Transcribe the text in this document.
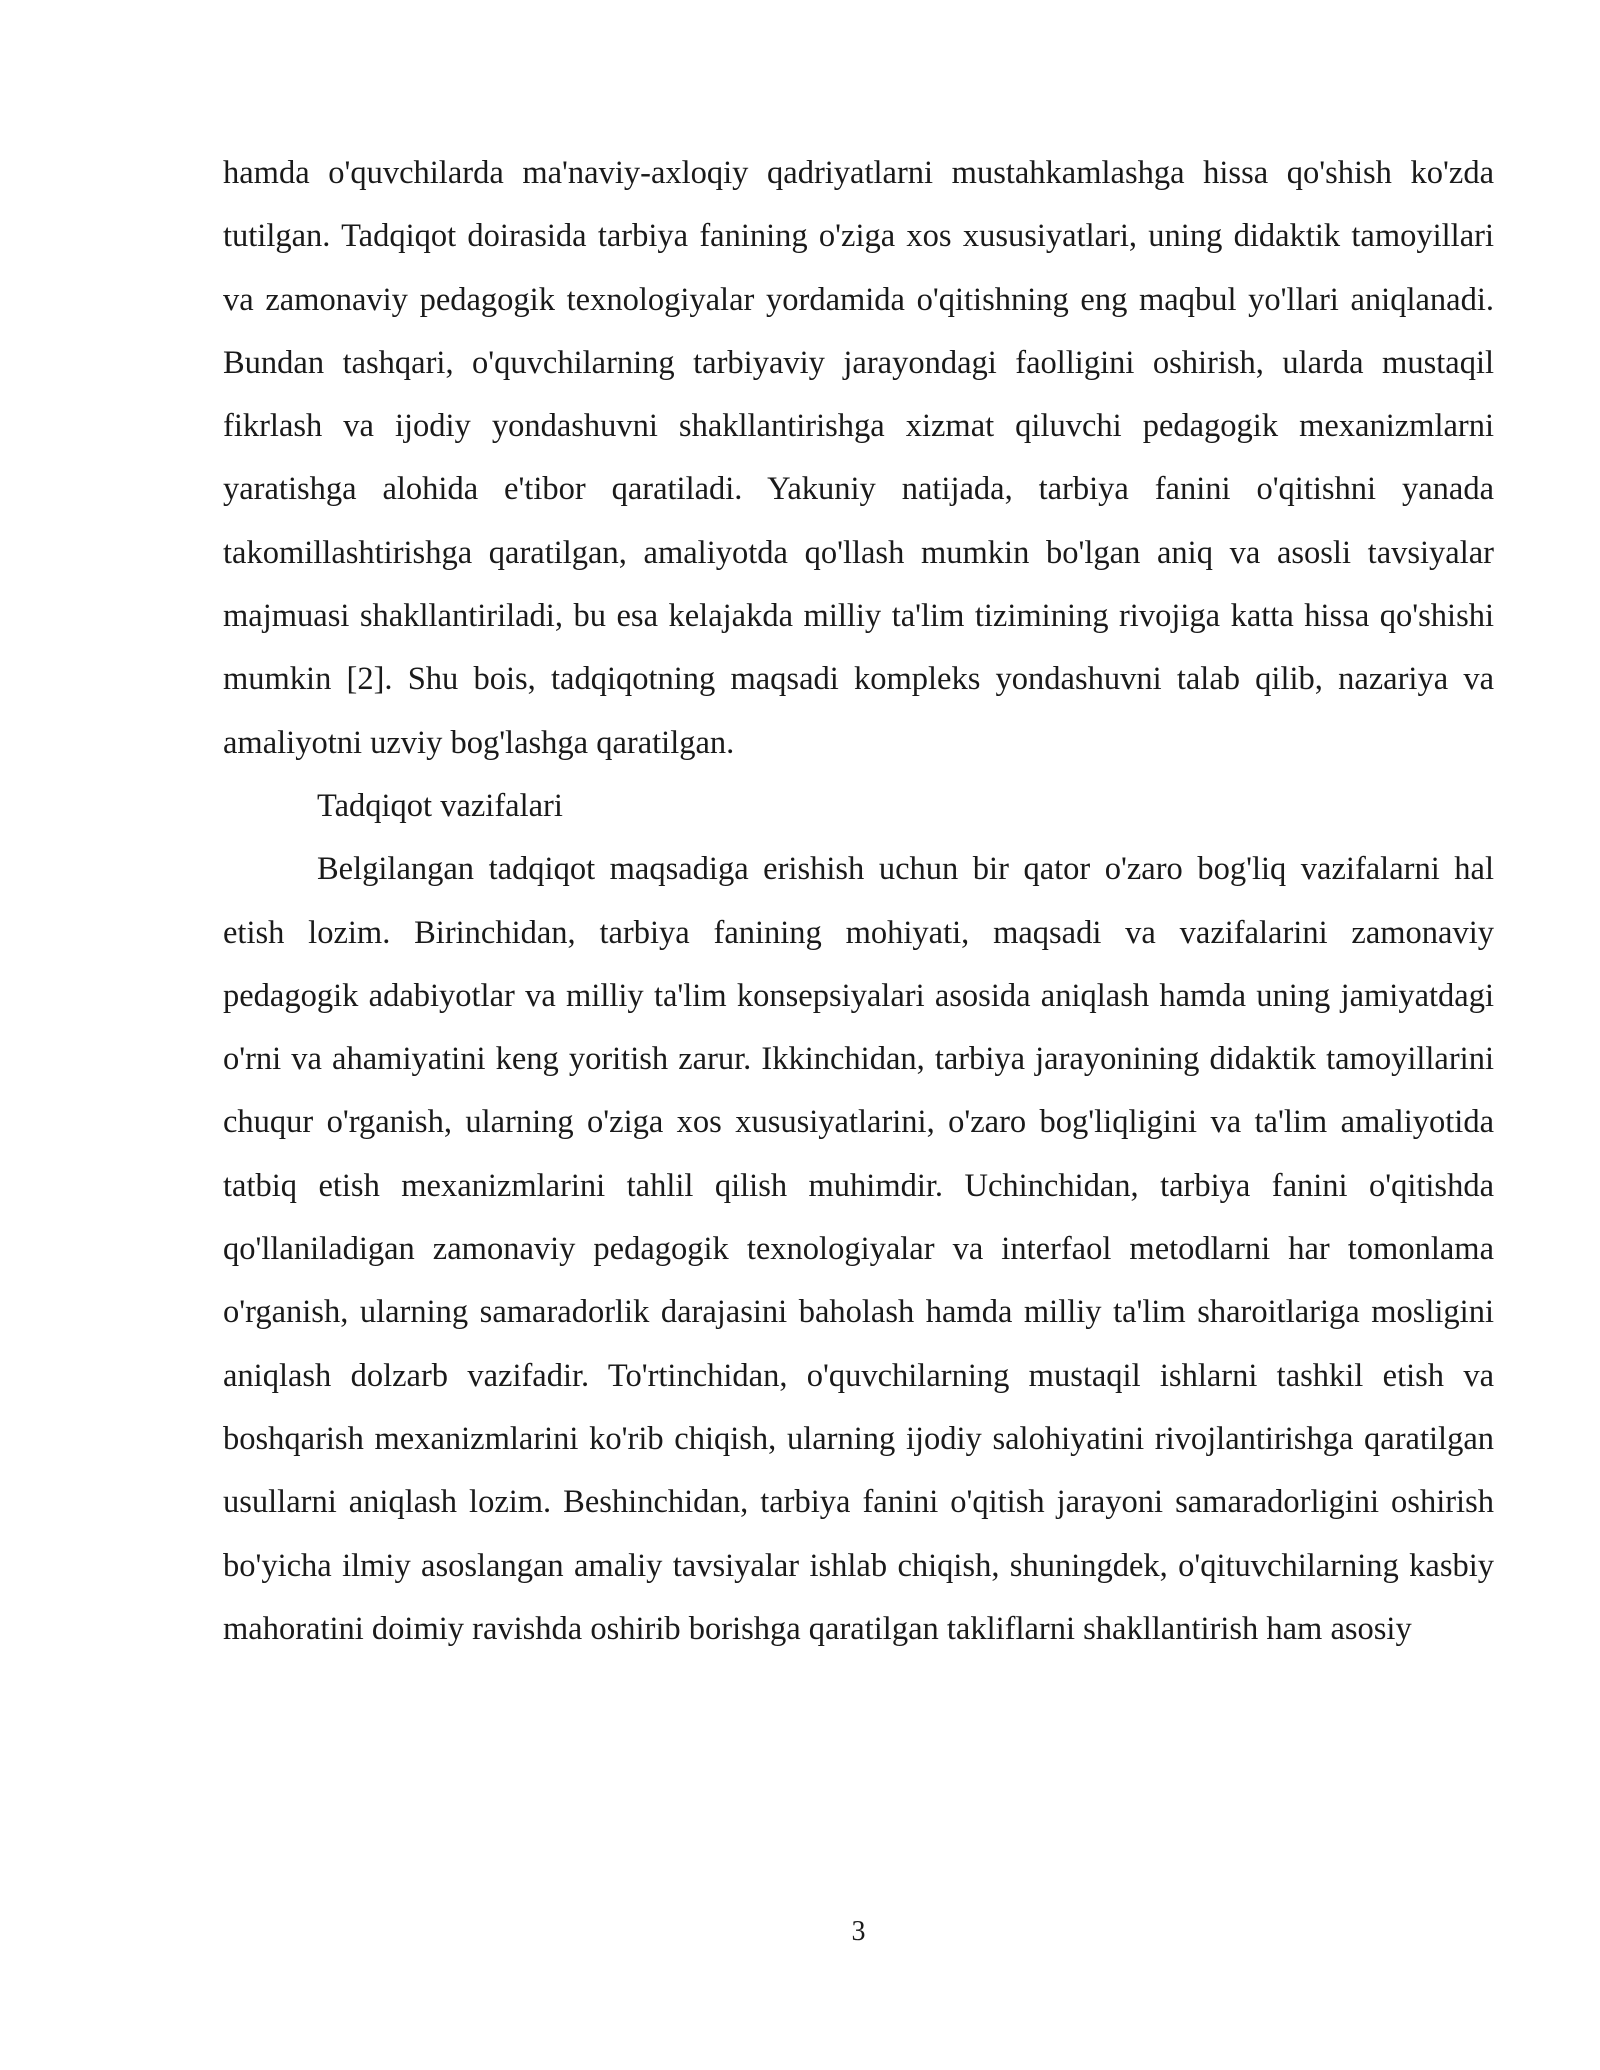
hamda o'quvchilarda ma'naviy-axloqiy qadriyatlarni mustahkamlashga hissa qo'shish ko'zda tutilgan. Tadqiqot doirasida tarbiya fanining o'ziga xos xususiyatlari, uning didaktik tamoyillari va zamonaviy pedagogik texnologiyalar yordamida o'qitishning eng maqbul yo'llari aniqlanadi. Bundan tashqari, o'quvchilarning tarbiyaviy jarayondagi faolligini oshirish, ularda mustaqil fikrlash va ijodiy yondashuvni shakllantirishga xizmat qiluvchi pedagogik mexanizmlarni yaratishga alohida e'tibor qaratiladi. Yakuniy natijada, tarbiya fanini o'qitishni yanada takomillashtirishga qaratilgan, amaliyotda qo'llash mumkin bo'lgan aniq va asosli tavsiyalar majmuasi shakllantiriladi, bu esa kelajakda milliy ta'lim tizimining rivojiga katta hissa qo'shishi mumkin [2]. Shu bois, tadqiqotning maqsadi kompleks yondashuvni talab qilib, nazariya va amaliyotni uzviy bog'lashga qaratilgan.

Tadqiqot vazifalari

Belgilangan tadqiqot maqsadiga erishish uchun bir qator o'zaro bog'liq vazifalarni hal etish lozim. Birinchidan, tarbiya fanining mohiyati, maqsadi va vazifalarini zamonaviy pedagogik adabiyotlar va milliy ta'lim konsepsiyalari asosida aniqlash hamda uning jamiyatdagi o'rni va ahamiyatini keng yoritish zarur. Ikkinchidan, tarbiya jarayonining didaktik tamoyillarini chuqur o'rganish, ularning o'ziga xos xususiyatlarini, o'zaro bog'liqligini va ta'lim amaliyotida tatbiq etish mexanizmlarini tahlil qilish muhimdir. Uchinchidan, tarbiya fanini o'qitishda qo'llaniladigan zamonaviy pedagogik texnologiyalar va interfaol metodlarni har tomonlama o'rganish, ularning samaradorlik darajasini baholash hamda milliy ta'lim sharoitlariga mosligini aniqlash dolzarb vazifadir. To'rtinchidan, o'quvchilarning mustaqil ishlarni tashkil etish va boshqarish mexanizmlarini ko'rib chiqish, ularning ijodiy salohiyatini rivojlantirishga qaratilgan usullarni aniqlash lozim. Beshinchidan, tarbiya fanini o'qitish jarayoni samaradorligini oshirish bo'yicha ilmiy asoslangan amaliy tavsiyalar ishlab chiqish, shuningdek, o'qituvchilarning kasbiy mahoratini doimiy ravishda oshirib borishga qaratilgan takliflarni shakllantirish ham asosiy

3
